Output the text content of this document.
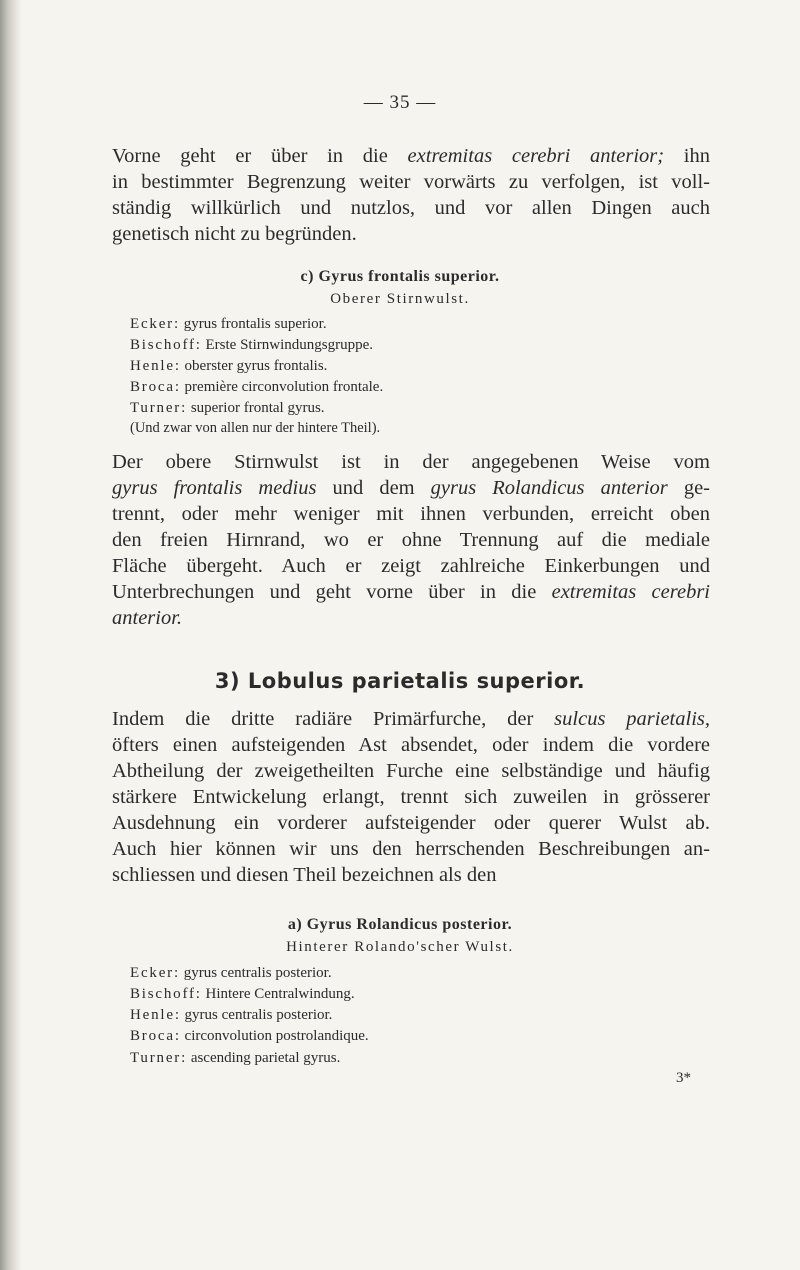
— 35 —
Vorne geht er über in die extremitas cerebri anterior; ihn
in bestimmter Begrenzung weiter vorwärts zu verfolgen, ist voll-
ständig willkürlich und nutzlos, und vor allen Dingen auch
genetisch nicht zu begründen.
c) Gyrus frontalis superior.
Oberer Stirnwulst.
Ecker: gyrus frontalis superior.
Bischoff: Erste Stirnwindungsgruppe.
Henle: oberster gyrus frontalis.
Broca: première circonvolution frontale.
Turner: superior frontal gyrus.
(Und zwar von allen nur der hintere Theil).
Der obere Stirnwulst ist in der angegebenen Weise vom
gyrus frontalis medius und dem gyrus Rolandicus anterior ge-
trennt, oder mehr weniger mit ihnen verbunden, erreicht oben
den freien Hirnrand, wo er ohne Trennung auf die mediale
Fläche übergeht. Auch er zeigt zahlreiche Einkerbungen und
Unterbrechungen und geht vorne über in die extremitas cerebri
anterior.
3) Lobulus parietalis superior.
Indem die dritte radiäre Primärfurche, der sulcus parietalis,
öfters einen aufsteigenden Ast absendet, oder indem die vordere
Abtheilung der zweigetheilten Furche eine selbständige und häufig
stärkere Entwickelung erlangt, trennt sich zuweilen in grösserer
Ausdehnung ein vorderer aufsteigender oder querer Wulst ab.
Auch hier können wir uns den herrschenden Beschreibungen an-
schliessen und diesen Theil bezeichnen als den
a) Gyrus Rolandicus posterior.
Hinterer Rolando'scher Wulst.
Ecker: gyrus centralis posterior.
Bischoff: Hintere Centralwindung.
Henle: gyrus centralis posterior.
Broca: circonvolution postrolandique.
Turner: ascending parietal gyrus.
3*
